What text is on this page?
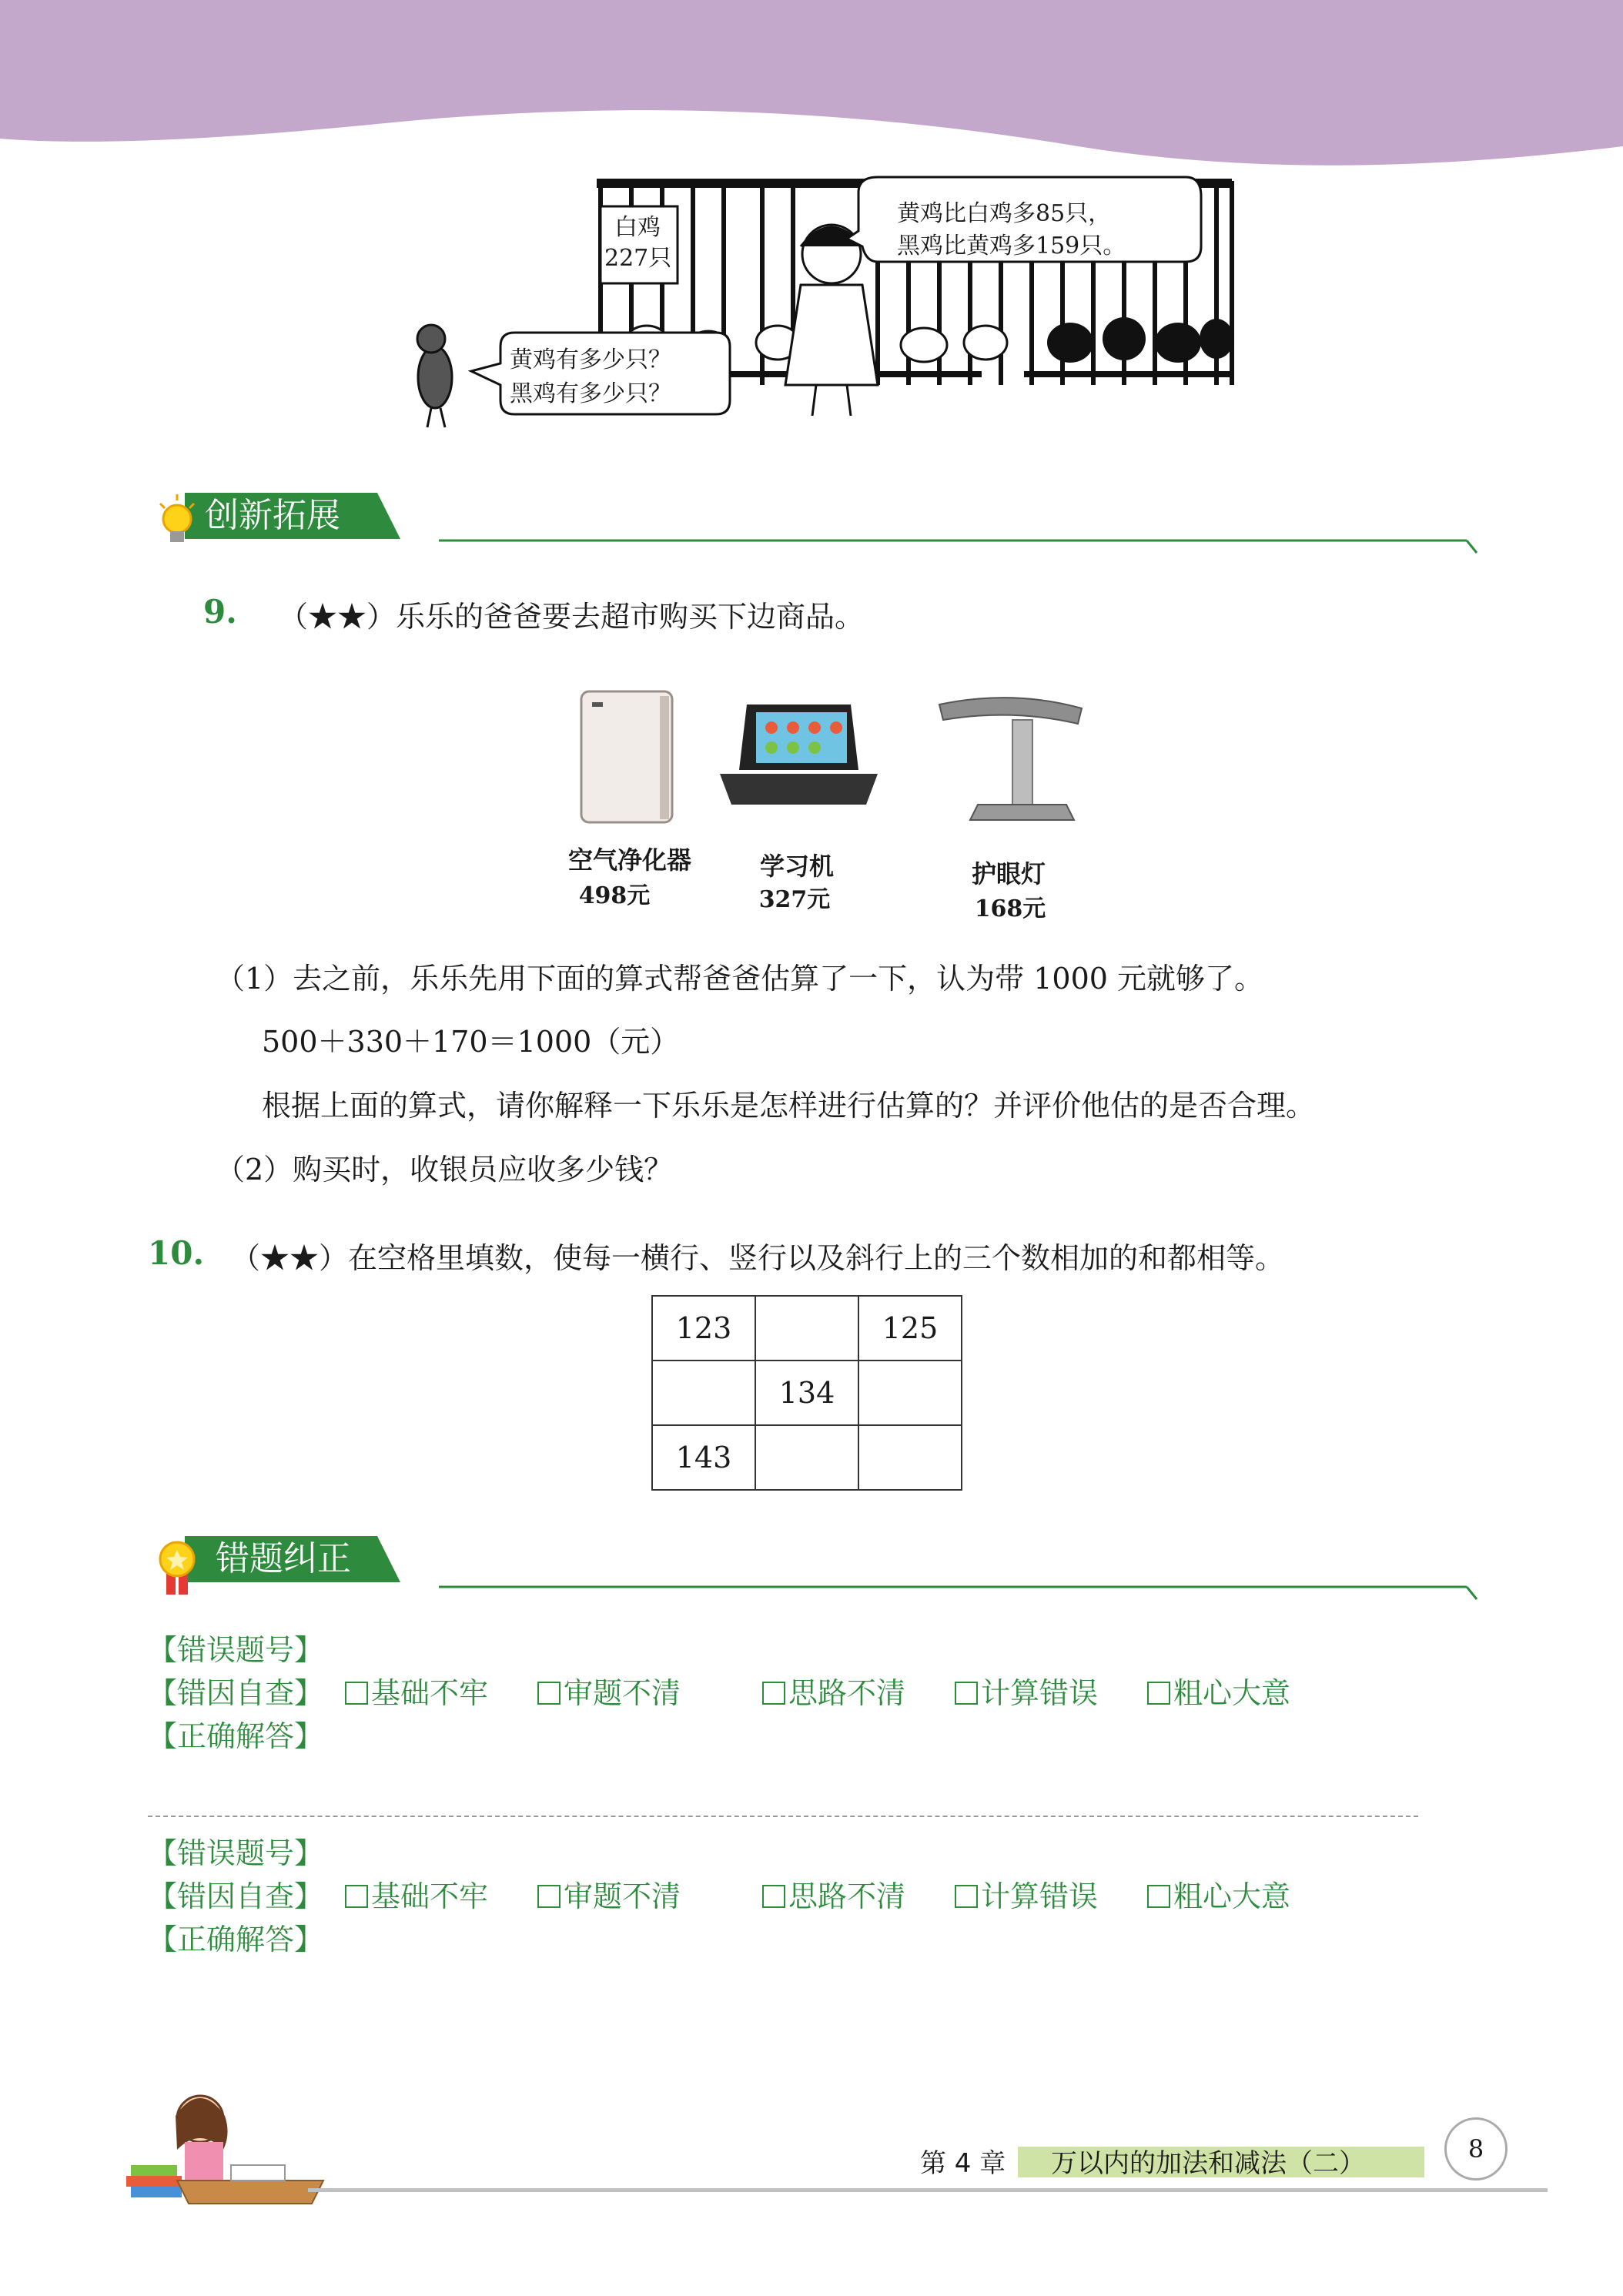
白鸡
227只
黄鸡比白鸡多85只，
黑鸡比黄鸡多159只。
黄鸡有多少只？
黑鸡有多少只？
创新拓展
9. （★★）乐乐的爸爸要去超市购买下边商品。
空气净化器
498元
学习机
327元
护眼灯
168元
（1）去之前，乐乐先用下面的算式帮爸爸估算了一下，认为带 1000 元就够了。
500＋330＋170＝1000（元）
根据上面的算式，请你解释一下乐乐是怎样进行估算的？并评价他估的是否合理。
（2）购买时，收银员应收多少钱？
10. （★★）在空格里填数，使每一横行、竖行以及斜行上的三个数相加的和都相等。
123		125
	134	
143		
错题纠正
【错误题号】
【错因自查】	基础不牢	审题不清	思路不清	计算错误	粗心大意
【正确解答】
【错误题号】
【错因自查】	基础不牢	审题不清	思路不清	计算错误	粗心大意
【正确解答】
第 4 章 万以内的加法和减法（二）	8
